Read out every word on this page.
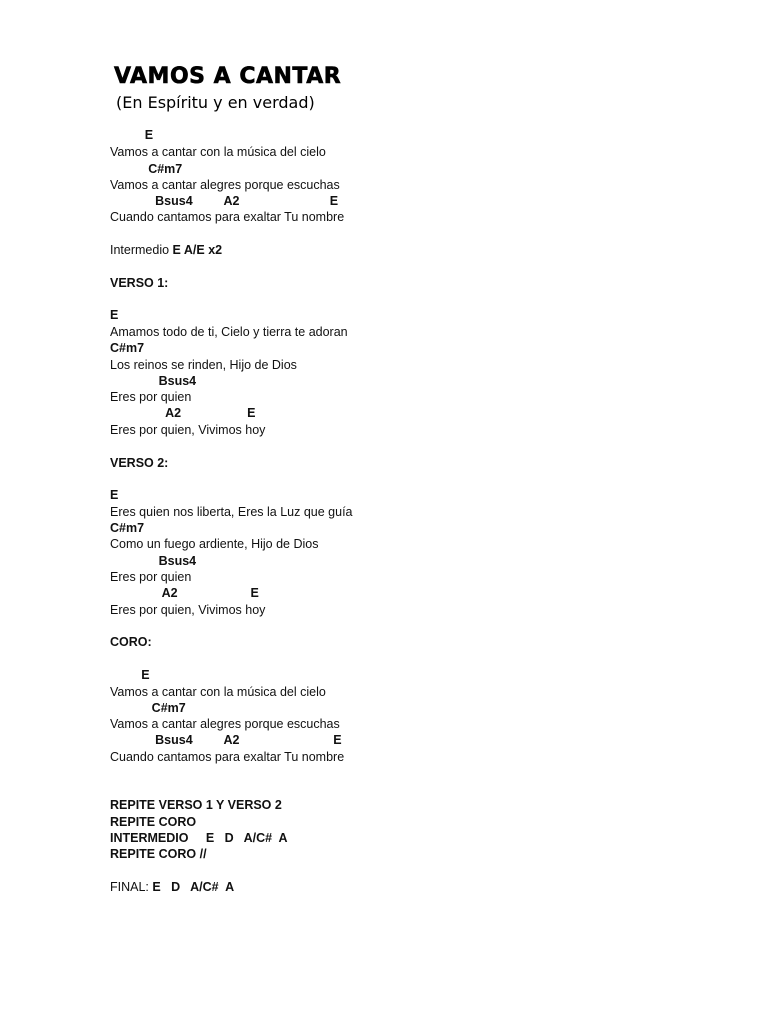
VAMOS A CANTAR
(En Espíritu y en verdad)
E
Vamos a cantar con la música del cielo
C#m7
Vamos a cantar alegres porque escuchas
Bsus4         A2                          E
Cuando cantamos para exaltar Tu nombre
Intermedio E A/E x2
VERSO 1:
E
Amamos todo de ti, Cielo y tierra te adoran
C#m7
Los reinos se rinden, Hijo de Dios
Bsus4
Eres por quien
A2                   E
Eres por quien, Vivimos hoy
VERSO 2:
E
Eres quien nos liberta, Eres la Luz que guía
C#m7
Como un fuego ardiente, Hijo de Dios
Bsus4
Eres por quien
A2                     E
Eres por quien, Vivimos hoy
CORO:
E
Vamos a cantar con la música del cielo
C#m7
Vamos a cantar alegres porque escuchas
Bsus4         A2                           E
Cuando cantamos para exaltar Tu nombre
REPITE VERSO 1 Y VERSO 2
REPITE CORO
INTERMEDIO     E   D   A/C#  A
REPITE CORO //
FINAL: E   D   A/C#  A
